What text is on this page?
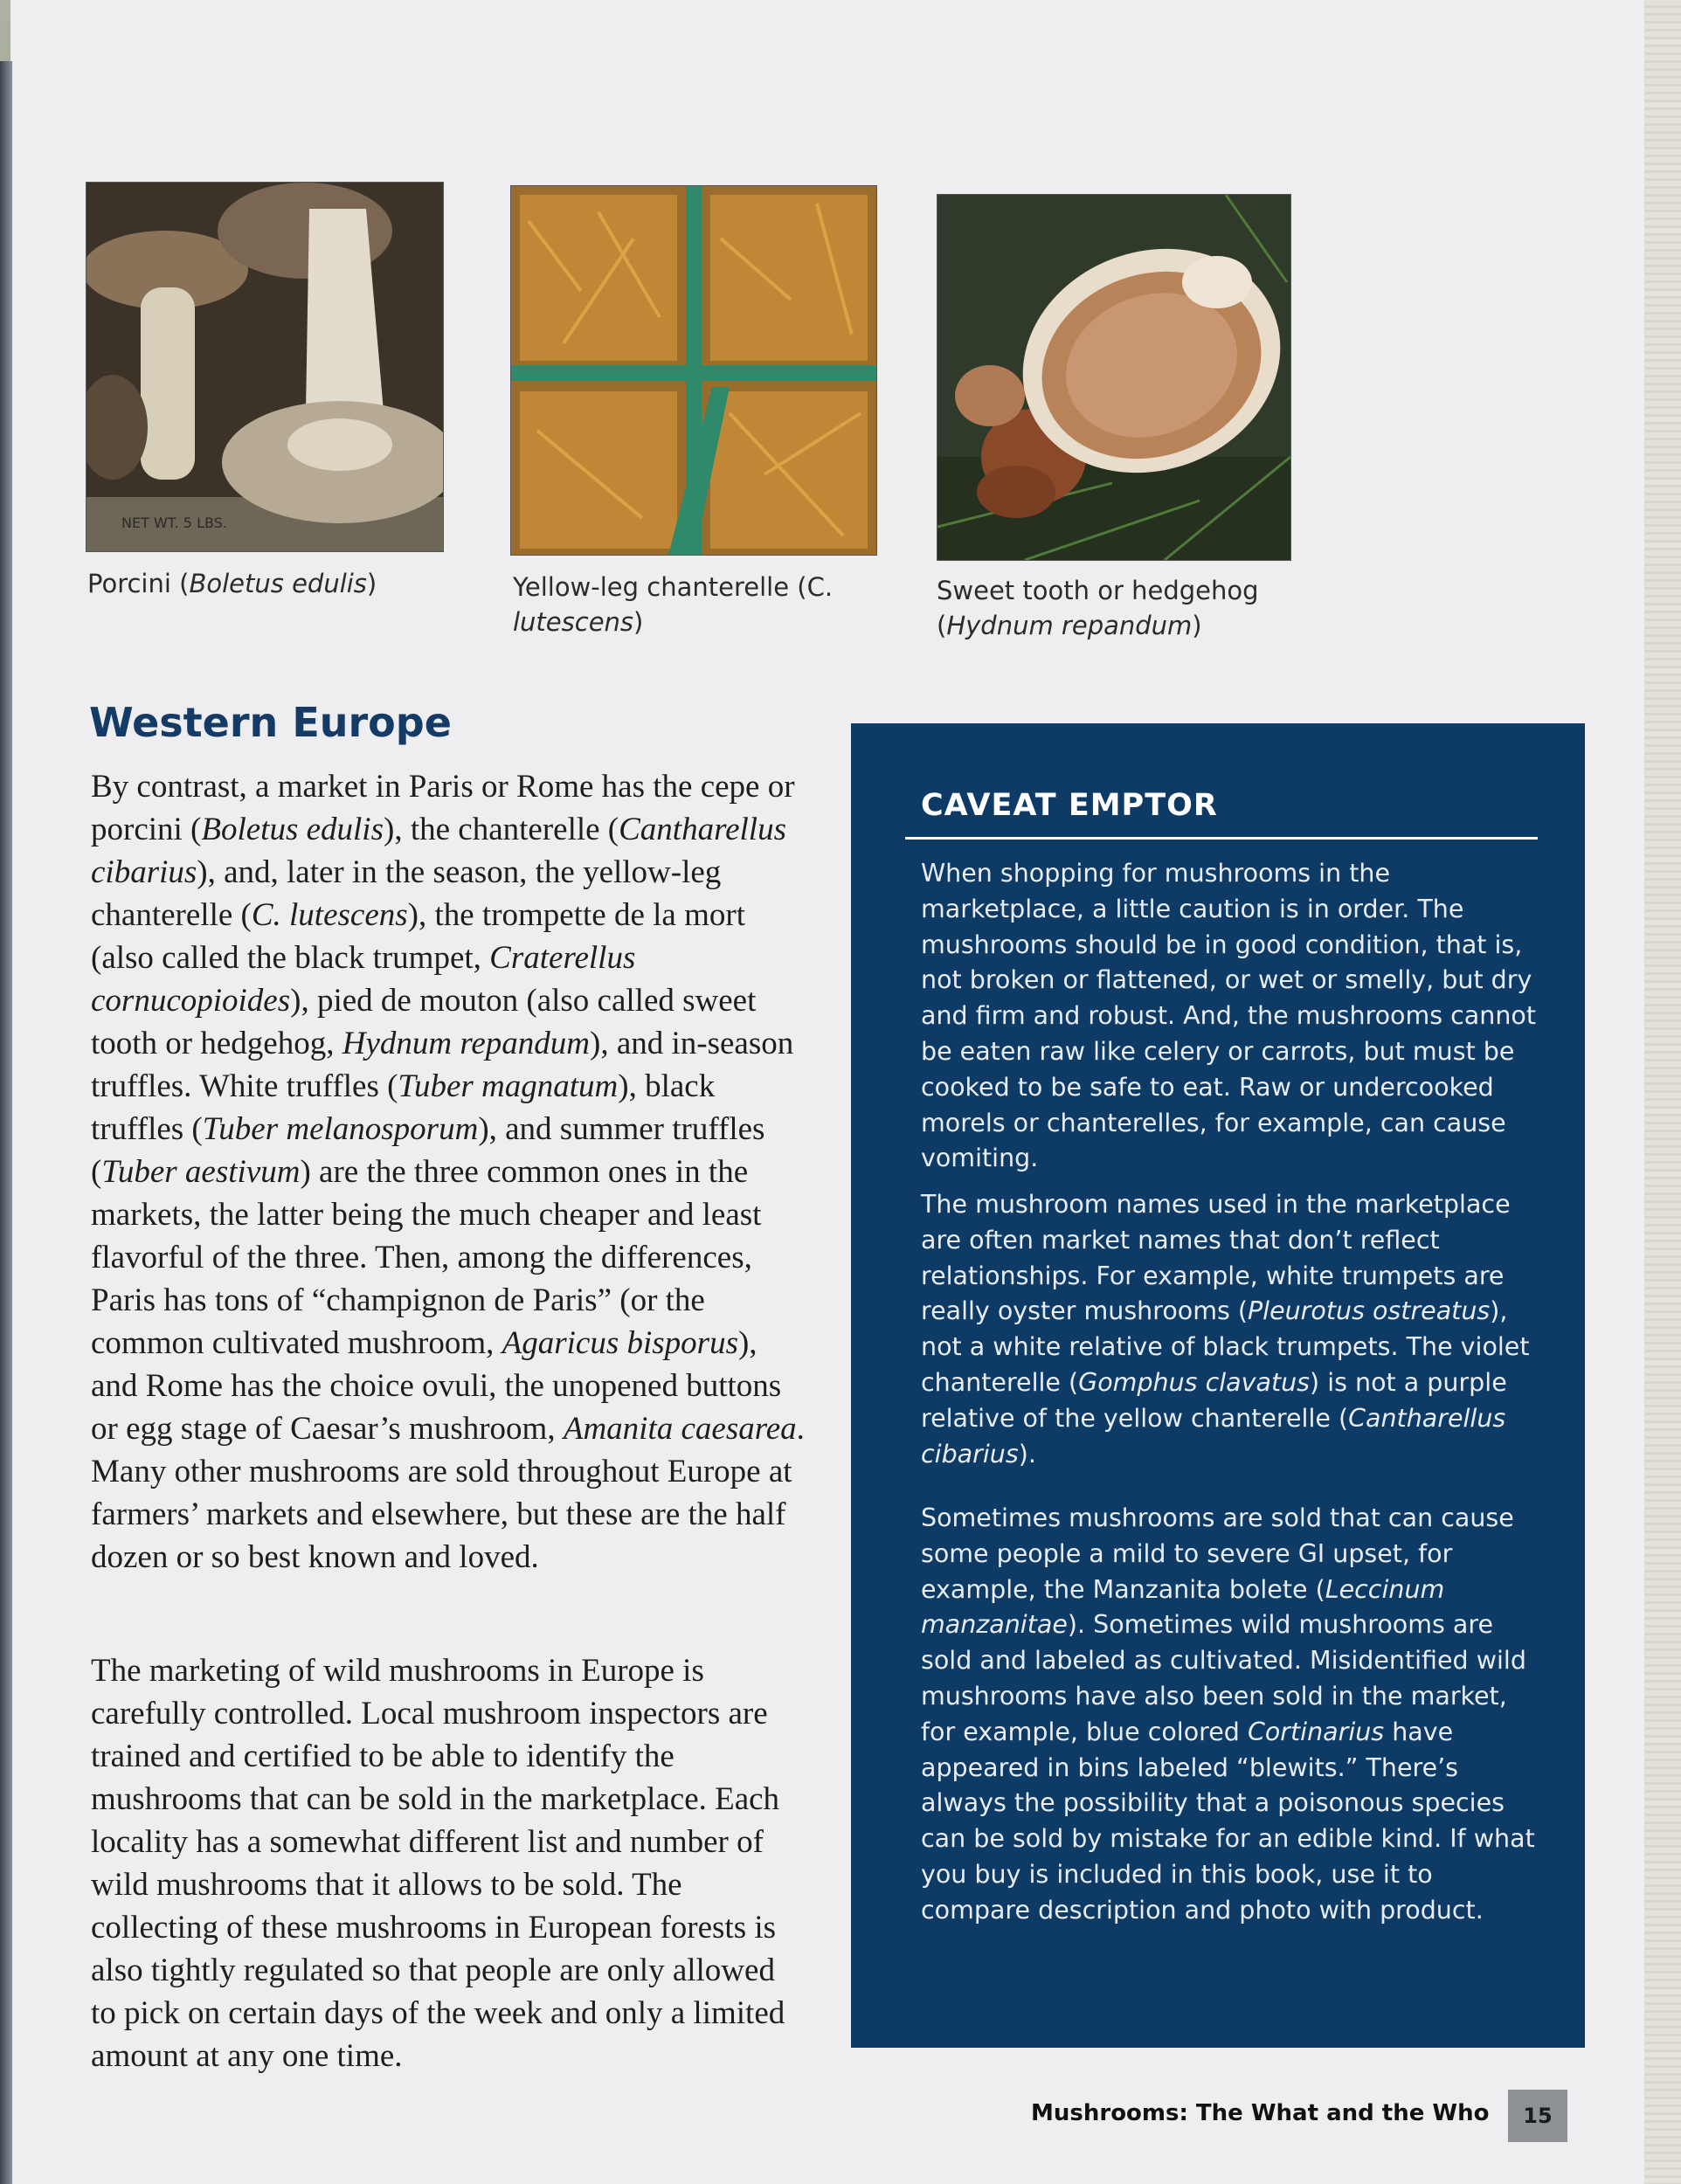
NET WT. 5 LBS.
Porcini (Boletus edulis)	Yellow-leg chanterelle (C.
lutescens)
Sweet tooth or hedgehog
(Hydnum repandum)
Western Europe

By contrast, a market in Paris or Rome has the cepe or porcini (Boletus edulis), the chanterelle (Cantharellus cibarius), and, later in the season, the yellow-leg chanterelle (C. lutescens), the trompette de la mort (also called the black trumpet, Craterellus cornucopioides), pied de mouton (also called sweet tooth or hedgehog, Hydnum repandum), and in-season truffles. White truffles (Tuber magnatum), black truffles (Tuber melanosporum), and summer truffles (Tuber aestivum) are the three common ones in the markets, the latter being the much cheaper and least flavorful of the three. Then, among the differences, Paris has tons of “champignon de Paris” (or the common cultivated mushroom, Agaricus bisporus), and Rome has the choice ovuli, the unopened buttons or egg stage of Caesar’s mushroom, Amanita caesarea. Many other mushrooms are sold throughout Europe at farmers’ markets and elsewhere, but these are the half dozen or so best known and loved.

The marketing of wild mushrooms in Europe is carefully controlled. Local mushroom inspectors are trained and certified to be able to identify the mushrooms that can be sold in the marketplace. Each locality has a somewhat different list and number of wild mushrooms that it allows to be sold. The collecting of these mushrooms in European forests is also tightly regulated so that people are only allowed to pick on certain days of the week and only a limited amount at any one time.

CAVEAT EMPTOR

When shopping for mushrooms in the marketplace, a little caution is in order. The mushrooms should be in good condition, that is, not broken or flattened, or wet or smelly, but dry and firm and robust. And, the mushrooms cannot be eaten raw like celery or carrots, but must be cooked to be safe to eat. Raw or undercooked morels or chanterelles, for example, can cause vomiting.

The mushroom names used in the marketplace are often market names that don’t reflect relationships. For example, white trumpets are really oyster mushrooms (Pleurotus ostreatus), not a white relative of black trumpets. The violet chanterelle (Gomphus clavatus) is not a purple relative of the yellow chanterelle (Cantharellus cibarius).

Sometimes mushrooms are sold that can cause some people a mild to severe GI upset, for example, the Manzanita bolete (Leccinum manzanitae). Sometimes wild mushrooms are sold and labeled as cultivated. Misidentified wild mushrooms have also been sold in the market, for example, blue colored Cortinarius have appeared in bins labeled “blewits.” There’s always the possibility that a poisonous species can be sold by mistake for an edible kind. If what you buy is included in this book, use it to compare description and photo with product.

Mushrooms: The What and the Who	15
